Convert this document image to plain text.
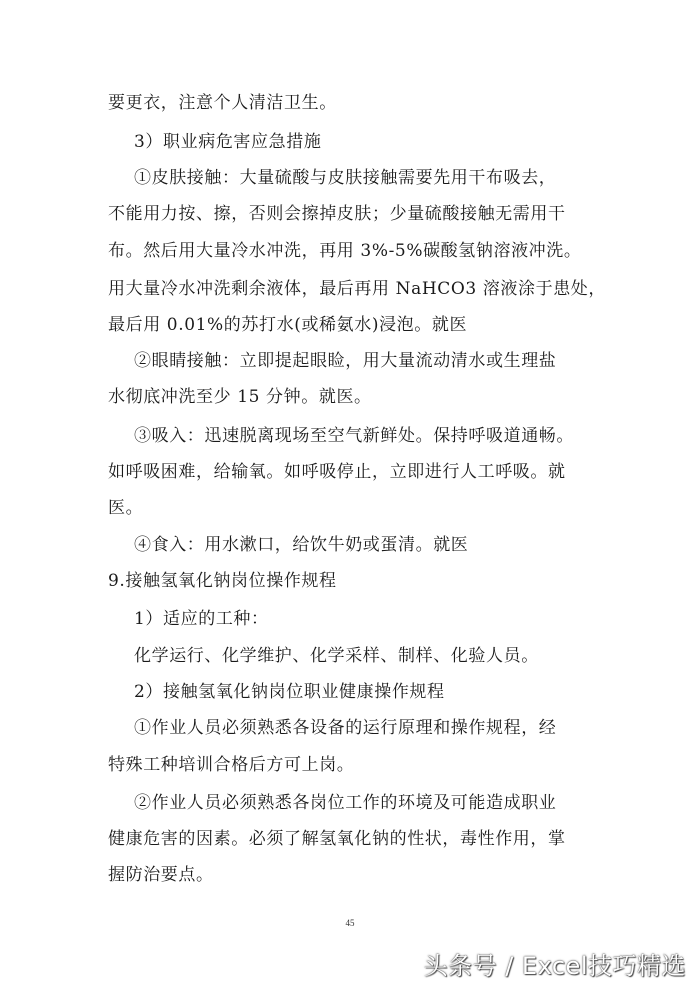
要更衣，注意个人清洁卫生。
3）职业病危害应急措施
①皮肤接触：大量硫酸与皮肤接触需要先用干布吸去，
不能用力按、擦，否则会擦掉皮肤；少量硫酸接触无需用干
布。然后用大量冷水冲洗，再用 3%-5%碳酸氢钠溶液冲洗。
用大量冷水冲洗剩余液体，最后再用 NaHCO3 溶液涂于患处，
最后用 0.01%的苏打水(或稀氨水)浸泡。就医
②眼睛接触：立即提起眼睑，用大量流动清水或生理盐
水彻底冲洗至少 15 分钟。就医。
③吸入：迅速脱离现场至空气新鲜处。保持呼吸道通畅。
如呼吸困难，给输氧。如呼吸停止，立即进行人工呼吸。就
医。
④食入：用水漱口，给饮牛奶或蛋清。就医
9.接触氢氧化钠岗位操作规程
1）适应的工种：
化学运行、化学维护、化学采样、制样、化验人员。
2）接触氢氧化钠岗位职业健康操作规程
①作业人员必须熟悉各设备的运行原理和操作规程，经
特殊工种培训合格后方可上岗。
②作业人员必须熟悉各岗位工作的环境及可能造成职业
健康危害的因素。必须了解氢氧化钠的性状，毒性作用，掌
握防治要点。
45
头条号 / Excel技巧精选
